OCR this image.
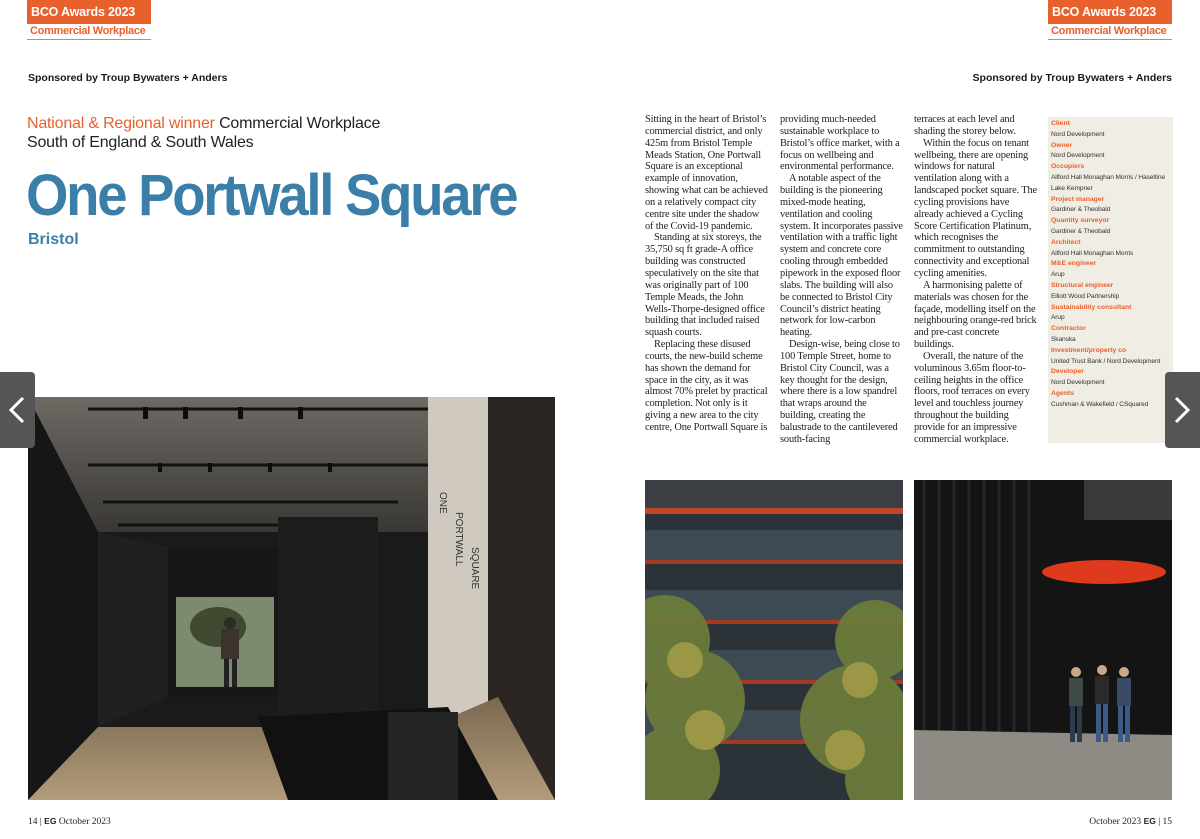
BCO Awards 2023
Commercial Workplace
BCO Awards 2023
Commercial Workplace
Sponsored by Troup Bywaters + Anders	Sponsored by Troup Bywaters + Anders
National & Regional winner Commercial Workplace
South of England & South Wales
One Portwall Square
Bristol

Sitting in the heart of Bristol’s commercial district, and only 425m from Bristol Temple Meads Station, One Portwall Square is an exceptional example of innovation, showing what can be achieved on a relatively compact city centre site under the shadow of the Covid-19 pandemic.

Standing at six storeys, the 35,750 sq ft grade-A office building was constructed speculatively on the site that was originally part of 100 Temple Meads, the John Wells-Thorpe-designed office building that included raised squash courts.

Replacing these disused courts, the new-build scheme has shown the demand for space in the city, as it was almost 70% prelet by practical completion. Not only is it giving a new area to the city centre, One Portwall Square is

providing much-needed sustainable workplace to Bristol’s office market, with a focus on wellbeing and environmental performance.

A notable aspect of the building is the pioneering mixed-mode heating, ventilation and cooling system. It incorporates passive ventilation with a traffic light system and concrete core cooling through embedded pipework in the exposed floor slabs. The building will also be connected to Bristol City Council’s district heating network for low-carbon heating.

Design-wise, being close to 100 Temple Street, home to Bristol City Council, was a key thought for the design, where there is a low spandrel that wraps around the building, creating the balustrade to the cantilevered south-facing

terraces at each level and shading the storey below.

Within the focus on tenant wellbeing, there are opening windows for natural ventilation along with a landscaped pocket square. The cycling provisions have already achieved a Cycling Score Certification Platinum, which recognises the commitment to outstanding connectivity and exceptional cycling amenities.

A harmonising palette of materials was chosen for the façade, modelling itself on the neighbouring orange-red brick and pre-cast concrete buildings.

Overall, the nature of the voluminous 3.65m floor-to-ceiling heights in the office floors, roof terraces on every level and touchless journey throughout the building provide for an impressive commercial workplace.

Client
Nord Development
Owner
Nord Development
Occupiers
Allford Hall Monaghan Morris / Haseltine
Lake Kempner
Project manager
Gardiner & Theobald
Quantity surveyor
Gardiner & Theobald
Architect
Allford Hall Monaghan Morris
M&E engineer
Arup
Structural engineer
Elliott Wood Partnership
Sustainability consultant
Arup
Contractor
Skanska
Investment/property co
United Trust Bank / Nord Development
Developer
Nord Development
Agents
Cushman & Wakefield / CSquared
ONE
PORTWALL
SQUARE
14 | EG October 2023	October 2023 EG | 15
